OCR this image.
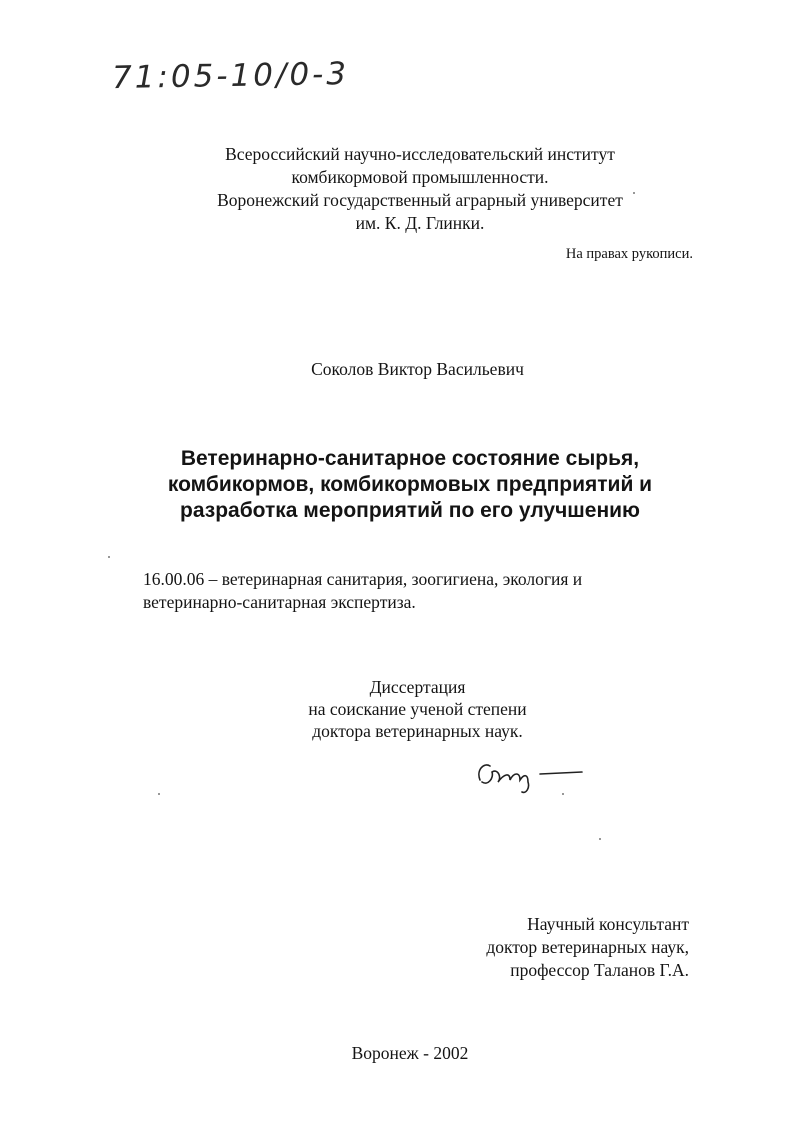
71:05-10/0-3
Всероссийский научно-исследовательский институт
комбикормовой промышленности.
Воронежский государственный аграрный университет
им. К. Д. Глинки.
На правах рукописи.
Соколов Виктор Васильевич
Ветеринарно-санитарное состояние сырья,
комбикормов, комбикормовых предприятий и
разработка мероприятий по его улучшению
16.00.06 – ветеринарная санитария, зоогигиена, экология и
ветеринарно-санитарная экспертиза.
Диссертация
на соискание ученой степени
доктора ветеринарных наук.
Научный консультант
доктор ветеринарных наук,
профессор Таланов Г.А.
Воронеж - 2002
